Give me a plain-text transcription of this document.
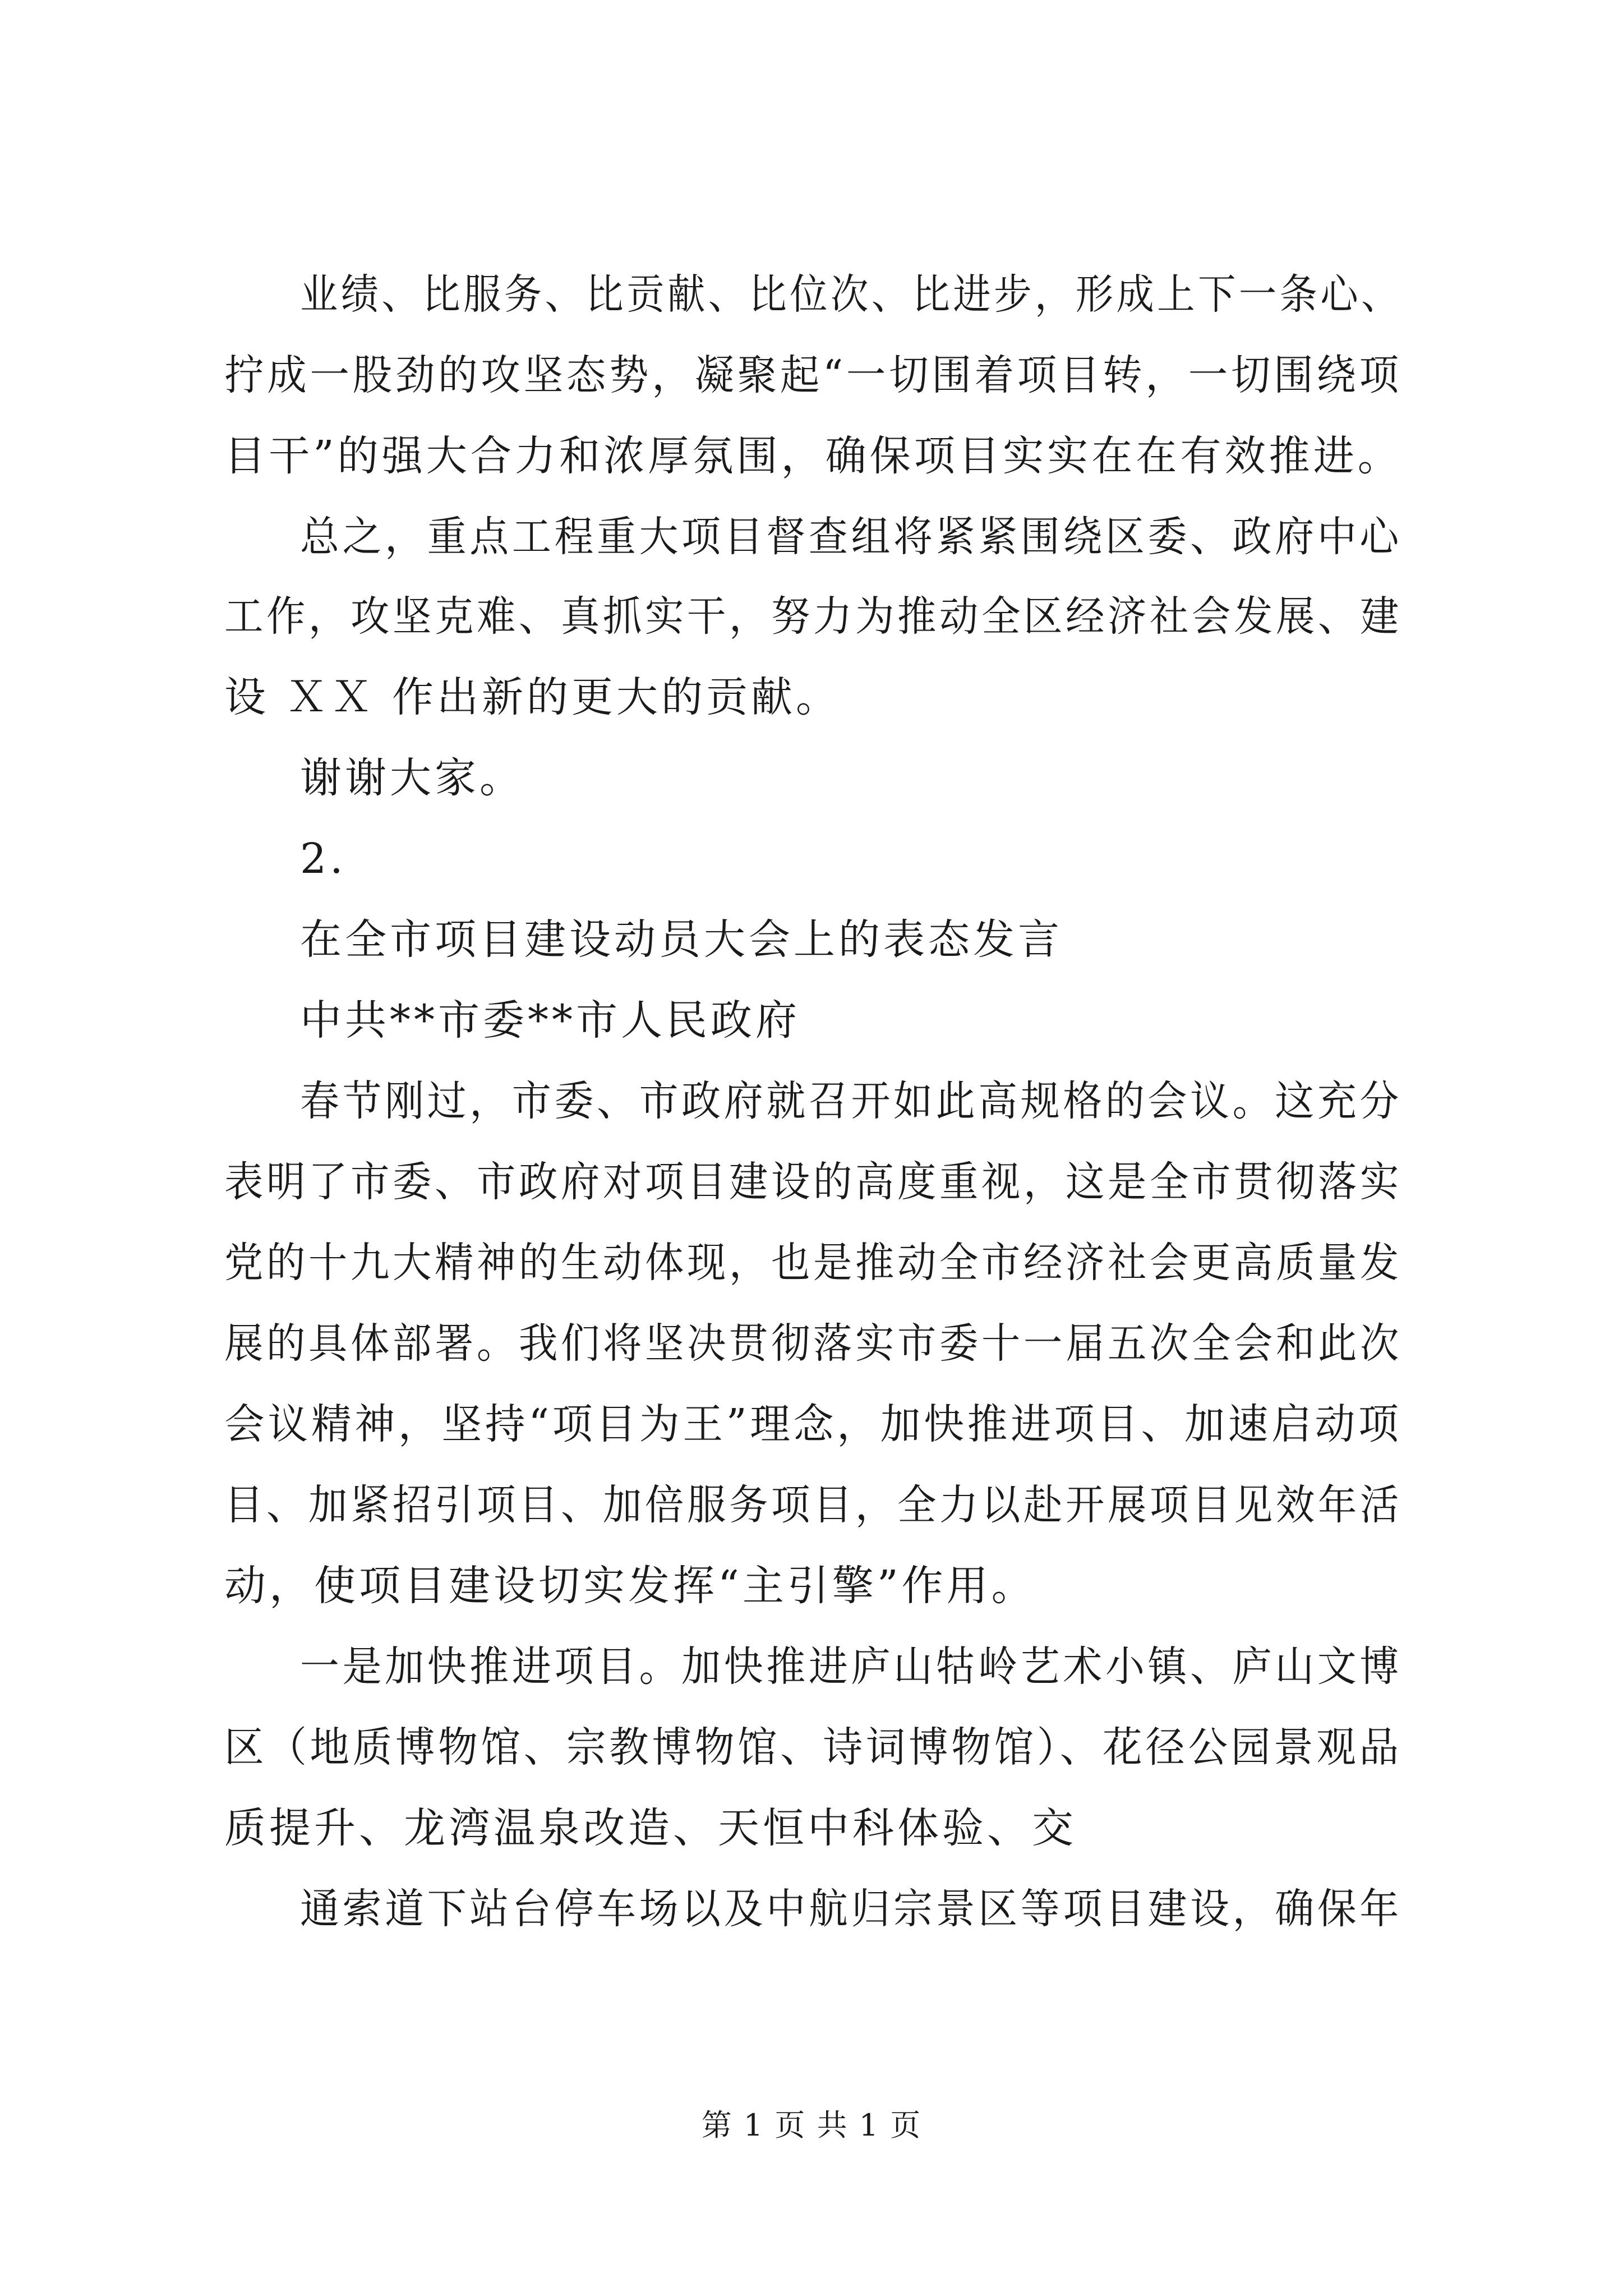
业绩、比服务、比贡献、比位次、比进步，形成上下一条心、
拧成一股劲的攻坚态势，凝聚起“一切围着项目转，一切围绕项
目干”的强大合力和浓厚氛围，确保项目实实在在有效推进。
总之，重点工程重大项目督查组将紧紧围绕区委、政府中心
工作，攻坚克难、真抓实干，努力为推动全区经济社会发展、建
设 ＸＸ 作出新的更大的贡献。
谢谢大家。
2.
在全市项目建设动员大会上的表态发言
中共**市委**市人民政府
春节刚过，市委、市政府就召开如此高规格的会议。这充分
表明了市委、市政府对项目建设的高度重视，这是全市贯彻落实
党的十九大精神的生动体现，也是推动全市经济社会更高质量发
展的具体部署。我们将坚决贯彻落实市委十一届五次全会和此次
会议精神，坚持“项目为王”理念，加快推进项目、加速启动项
目、加紧招引项目、加倍服务项目，全力以赴开展项目见效年活
动，使项目建设切实发挥“主引擎”作用。
一是加快推进项目。加快推进庐山牯岭艺术小镇、庐山文博
区（地质博物馆、宗教博物馆、诗词博物馆）、花径公园景观品
质提升、龙湾温泉改造、天恒中科体验、交
通索道下站台停车场以及中航归宗景区等项目建设，确保年
第 1 页 共 1 页
